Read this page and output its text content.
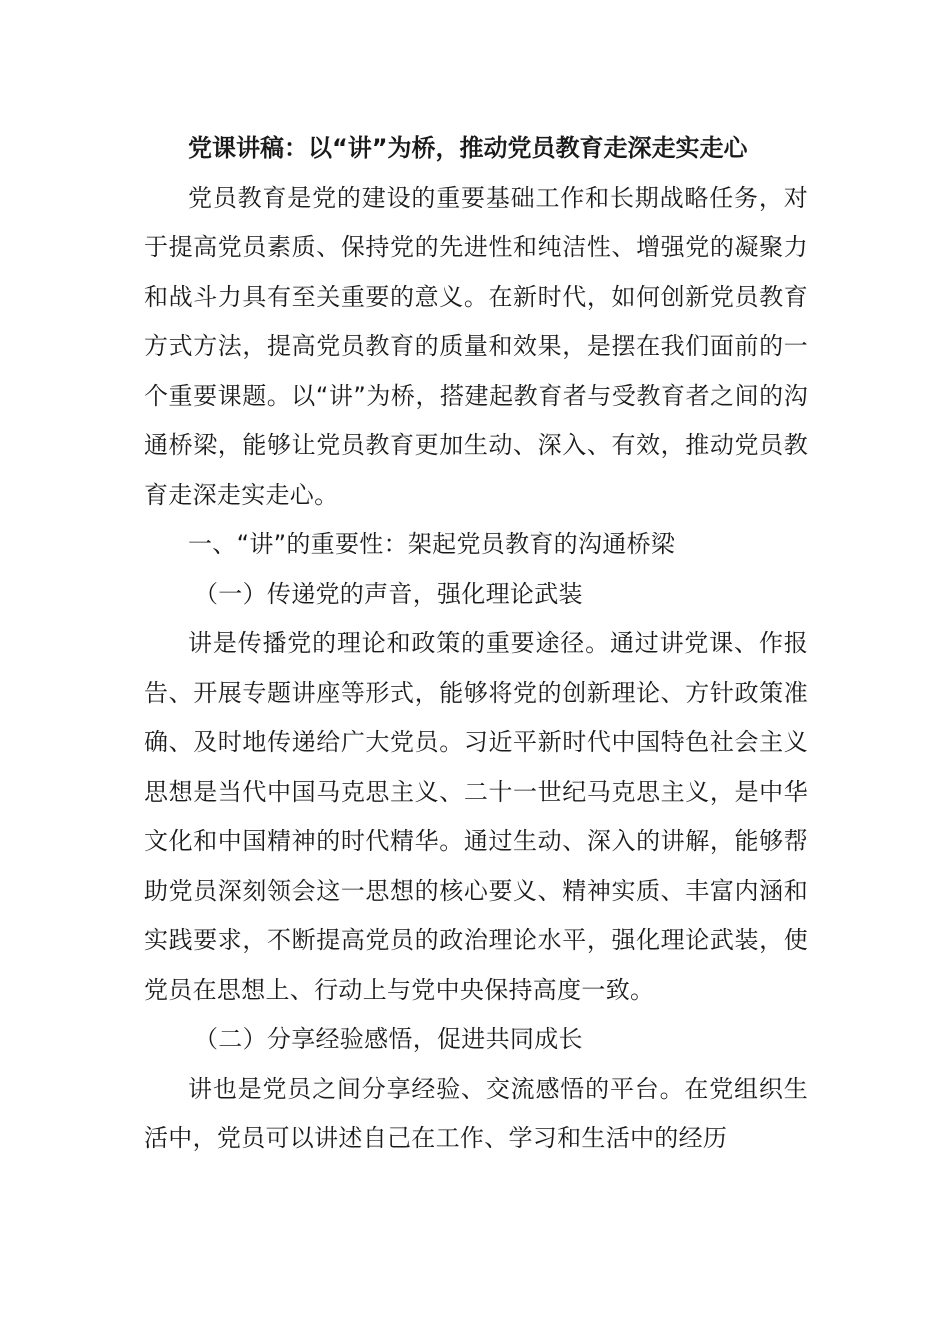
党课讲稿：以“讲”为桥，推动党员教育走深走实走心

党员教育是党的建设的重要基础工作和长期战略任务，对于提高党员素质、保持党的先进性和纯洁性、增强党的凝聚力和战斗力具有至关重要的意义。在新时代，如何创新党员教育方式方法，提高党员教育的质量和效果，是摆在我们面前的一个重要课题。以“讲”为桥，搭建起教育者与受教育者之间的沟通桥梁，能够让党员教育更加生动、深入、有效，推动党员教育走深走实走心。

一、“讲”的重要性：架起党员教育的沟通桥梁

（一）传递党的声音，强化理论武装

讲是传播党的理论和政策的重要途径。通过讲党课、作报告、开展专题讲座等形式，能够将党的创新理论、方针政策准确、及时地传递给广大党员。习近平新时代中国特色社会主义思想是当代中国马克思主义、二十一世纪马克思主义，是中华文化和中国精神的时代精华。通过生动、深入的讲解，能够帮助党员深刻领会这一思想的核心要义、精神实质、丰富内涵和实践要求，不断提高党员的政治理论水平，强化理论武装，使党员在思想上、行动上与党中央保持高度一致。

（二）分享经验感悟，促进共同成长

讲也是党员之间分享经验、交流感悟的平台。在党组织生活中，党员可以讲述自己在工作、学习和生活中的经历
